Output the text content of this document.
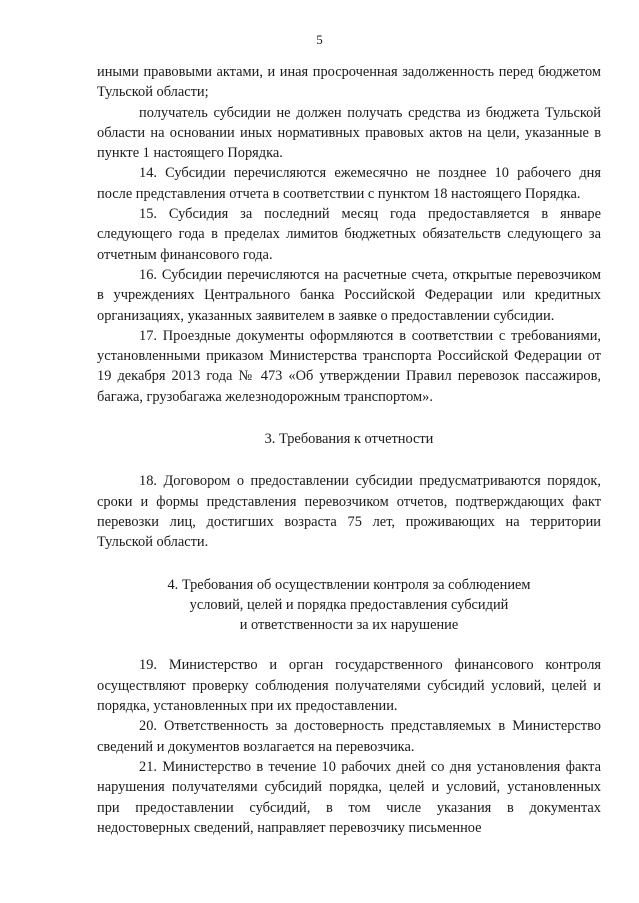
5

иными правовыми актами, и иная просроченная задолженность перед бюджетом Тульской области;

получатель субсидии не должен получать средства из бюджета Тульской области на основании иных нормативных правовых актов на цели, указанные в пункте 1 настоящего Порядка.

14. Субсидии перечисляются ежемесячно не позднее 10 рабочего дня после представления отчета в соответствии с пунктом 18 настоящего Порядка.

15. Субсидия за последний месяц года предоставляется в январе следующего года в пределах лимитов бюджетных обязательств следующего за отчетным финансового года.

16. Субсидии перечисляются на расчетные счета, открытые перевозчиком в учреждениях Центрального банка Российской Федерации или кредитных организациях, указанных заявителем в заявке о предоставлении субсидии.

17. Проездные документы оформляются в соответствии с требованиями, установленными приказом Министерства транспорта Российской Федерации от 19 декабря 2013 года № 473 «Об утверждении Правил перевозок пассажиров, багажа, грузобагажа железнодорожным транспортом».

3. Требования к отчетности

18. Договором о предоставлении субсидии предусматриваются порядок, сроки и формы представления перевозчиком отчетов, подтверждающих факт перевозки лиц, достигших возраста 75 лет, проживающих на территории Тульской области.

4. Требования об осуществлении контроля за соблюдением
условий, целей и порядка предоставления субсидий
и ответственности за их нарушение

19. Министерство и орган государственного финансового контроля осуществляют проверку соблюдения получателями субсидий условий, целей и порядка, установленных при их предоставлении.

20. Ответственность за достоверность представляемых в Министерство сведений и документов возлагается на перевозчика.

21. Министерство в течение 10 рабочих дней со дня установления факта нарушения получателями субсидий порядка, целей и условий, установленных при предоставлении субсидий, в том числе указания в документах недостоверных сведений, направляет перевозчику письменное
